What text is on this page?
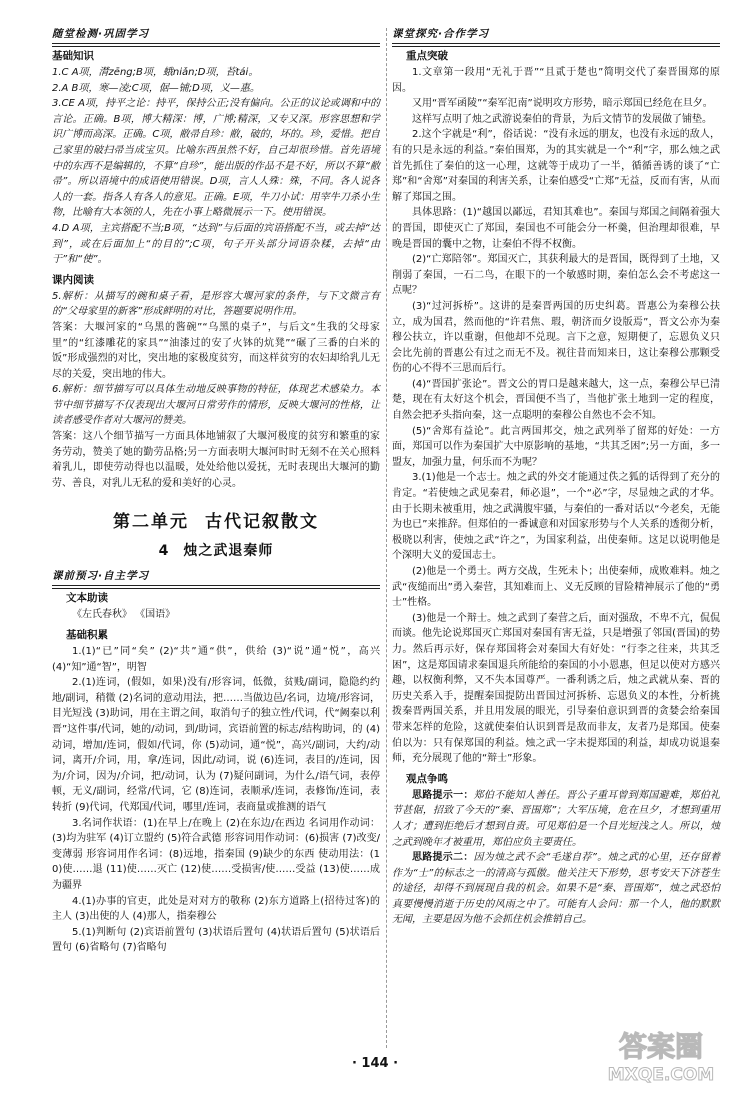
随堂检测·巩固学习
基础知识

1.C A项，潸zēng;B项，蛾niǎn;D项，苔tái。

2.A B项，寒—凌;C项，倨—铺;D项，义—惠。

3.CE A项，持平之论：持平，保持公正;没有偏向。公正的议论或调和中的言论。正确。B项，博大精深：博，广博;精深，又专又深。形容思想和学识广博而高深。正确。C项，敝帚自珍：敝，破的，坏的。珍，爱惜。把自己家里的破扫帚当成宝贝。比喻东西虽然不好，自己却很珍惜。首先语境中的东西不是编辑的，不算“自珍”，能出版的作品不是不好，所以不算“敝帚”。所以语境中的成语使用错误。D项，言人人殊：殊，不同。各人说各人的一套。指各人有各人的意见。正确。E项，牛刀小试：用宰牛刀杀小生物，比喻有大本领的人，先在小事上略微展示一下。使用错误。

4.D A项，主宾搭配不当;B项，“达到”与后面的宾语搭配不当，或去掉“达到”，或在后面加上“的目的”;C项，句子开头部分词语杂糅，去掉“由于”和“使”。

课内阅读

5.解析：从描写的碗和桌子看，是形容大堰河家的条件，与下文微言有的“父母家里的新客”形成鲜明的对比，答题要说明作用。

答案：大堰河家的“乌黑的酱碗”“乌黑的桌子”，与后文“生我的父母家里”的“红漆雕花的家具”“油漆过的安了火钵的炕凳”“碾了三番的白米的饭”形成强烈的对比，突出地的家极度贫穷，而这样贫穷的农妇却给乳儿无尽的关爱，突出地的伟大。

6.解析：细节描写可以具体生动地反映事物的特征，体现艺术感染力。本节中细节描写不仅表现出大堰河日常劳作的情形，反映大堰河的性格，让读者感受作者对大堰河的赞美。

答案：这八个细节描写一方面具体地铺叙了大堰河极度的贫穷和繁重的家务劳动，赞美了她的勤劳品格;另一方面表明大堰河时时无刻不在关心照料着乳儿，即使劳动得也以温暖，处处给他以爱抚，无时表现出大堰河的勤劳、善良，对乳儿无私的爱和美好的心灵。

第二单元 古代记叙散文
4 烛之武退秦师
课前预习·自主学习
文本助读

《左氏春秋》 《国语》

基础积累

1.(1)“已”同“矣” (2)“共”通“供”，供给 (3)“说”通“悦”，高兴 (4)“知”通“智”，明智

2.(1)连词，(假如，如果)没有/形容词，低微，贫贱/副词，隐隐约约地/副词，稍微 (2)名词的意动用法，把……当做边邑/名词，边境/形容词，目光短浅 (3)助词，用在主谓之间，取消句子的独立性/代词，代“阙秦以利晋”这件事/代词，她的/动词，到/助词，宾语前置的标志/结构助词，的 (4)动词，增加/连词，假如/代词，你 (5)动词，通“悦”，高兴/副词，大约/动词，离开/介词，用，拿/连词，因此/动词，说 (6)连词，表目的/连词，因为/介词，因为/介词，把/动词，认为 (7)疑问副词，为什么/语气词，表停顿，无义/副词，经常/代词，它 (8)连词，表顺承/连词，表修饰/连词，表转折 (9)代词，代郑国/代词，哪里/连词，表商量或推测的语气

3.名词作状语：(1)在早上/在晚上 (2)在东边/在西边 名词用作动词：(3)均为驻军 (4)订立盟约 (5)符合武德 形容词用作动词：(6)损害 (7)改变/变薄弱 形容词用作名词：(8)远地，指秦国 (9)缺少的东西 使动用法：(10)使……退 (11)使……灭亡 (12)使……受损害/使……受益 (13)使……成为疆界

4.(1)办事的官吏，此处是对对方的敬称 (2)东方道路上(招待过客)的主人 (3)出使的人 (4)那人，指秦穆公

5.(1)判断句 (2)宾语前置句 (3)状语后置句 (4)状语后置句 (5)状语后置句 (6)省略句 (7)省略句

课堂探究·合作学习
重点突破

1.文章第一段用“无礼于晋”“且贰于楚也”简明交代了秦晋围郑的原因。

又用“晋军函陵”“秦军氾南”说明攻方形势，暗示郑国已经危在旦夕。

这样写点明了烛之武游说秦伯的背景，为后文情节的发展做了铺垫。

2.这个字就是“利”，俗话说：“没有永远的朋友，也没有永远的敌人，有的只是永远的利益。”秦伯围郑，为的其实就是一个“利”字，那么烛之武首先抓住了秦伯的这一心理，这就等于成功了一半，循循善诱的谈了“亡郑”和“舍郑”对秦国的利害关系，让秦伯感受“亡郑”无益，反而有害，从而解了郑国之围。

具体思路：(1)“越国以鄙远，君知其难也”。秦国与郑国之间隔着强大的晋国，即使灭亡了郑国，秦国也不可能会分一杯羹，但治理却很难，早晚是晋国的囊中之物，让秦伯不得不权衡。

(2)“亡郑陪邻”。郑国灭亡，其获利最大的是晋国，既得到了土地，又削弱了秦国，一石二鸟，在眼下的一个敏感时期，秦伯怎么会不考虑这一点呢？

(3)“过河拆桥”。这讲的是秦晋两国的历史纠葛。晋惠公为秦穆公扶立，成为国君，然而他的“许君焦、瑕，朝济而夕设版焉”，晋文公亦为秦穆公扶立，许以重谢，但他却不兑现。言下之意，短期便了，忘恩负义只会比先前的晋惠公有过之而无不及。视往昔而知来日，这让秦穆公那颗受伤的心不得不三思而后行。

(4)“晋国扩张论”。晋文公的胃口是越来越大，这一点，秦穆公早已清楚，现在有太好这个机会，晋国便不当了，当他扩张土地到一定的程度，自然会把矛头指向秦，这一点聪明的秦穆公自然也不会不知。

(5)“舍郑有益论”。此言两国邦交，烛之武列举了留郑的好处：一方面，郑国可以作为秦国扩大中原影响的基地，“共其乏困”;另一方面，多一盟友，加强力量，何乐而不为呢？

3.(1)他是一个志士。烛之武的外交才能通过佚之狐的话得到了充分的肯定。“若使烛之武见秦君，师必退”，一个“必”字，尽显烛之武的才华。由于长期未被重用，烛之武满腹牢骚，与秦伯的一番对话以“今老矣，无能为也已”来推辞。但郑伯的一番诚意和对国家形势与个人关系的透彻分析，极晓以利害，使烛之武“许之”，为国家利益，出使秦师。这足以说明他是个深明大义的爱国志士。

(2)他是一个勇士。两方交战，生死未卜；出使秦师，成败难料。烛之武“夜缒而出”勇入秦营，其知难而上、义无反顾的冒险精神展示了他的“勇士”性格。

(3)他是一个辩士。烛之武到了秦营之后，面对强敌，不卑不亢，侃侃而谈。他先论说郑国灭亡郑国对秦国有害无益，只是增强了邻国(晋国)的势力。然后再示好，保存郑国将会对秦国大有好处：“行李之往来，共其乏困”，这是郑国请求秦国退兵所能给的秦国的小小恩惠，但足以使对方感兴趣，以权衡利弊，又不失本国尊严。一番利诱之后，烛之武就从秦、晋的历史关系入手，提醒秦国提防出晋国过河拆桥、忘恩负义的本性，分析挑拨秦晋两国关系，并且用发展的眼光，引导秦伯意识到晋的贪婪会给秦国带来怎样的危险，这就使秦伯认识到晋是敌而非友，友者乃是郑国。使秦伯以为：只有保郑国的利益。烛之武一字未提郑国的利益，却成功说退秦师，充分展现了他的“辩士”形象。

观点争鸣

思路提示一：郑伯不能知人善任。晋公子重耳曾到郑国避难，郑伯礼节甚倨，招致了今天的“秦、晋围郑”；大军压境，危在旦夕，才想到重用人才；遭到拒绝后才想到自责。可见郑伯是一个目光短浅之人。所以，烛之武到晚年才被重用，郑伯应负主要责任。

思路提示二：因为烛之武不会“毛遂自荐”。烛之武的心里，还存留着作为“士”的标志之一的清高与孤傲。他关注天下形势，思考安天下济苍生的途径，却得不到展现自我的机会。如果不是“秦、晋围郑”，烛之武恐怕真要慢慢消逝于历史的风雨之中了。可能有人会问：那一个人，他的默默无闻，主要是因为他不会抓住机会推销自己。

· 144 ·
答案圈
MXQE.COM
